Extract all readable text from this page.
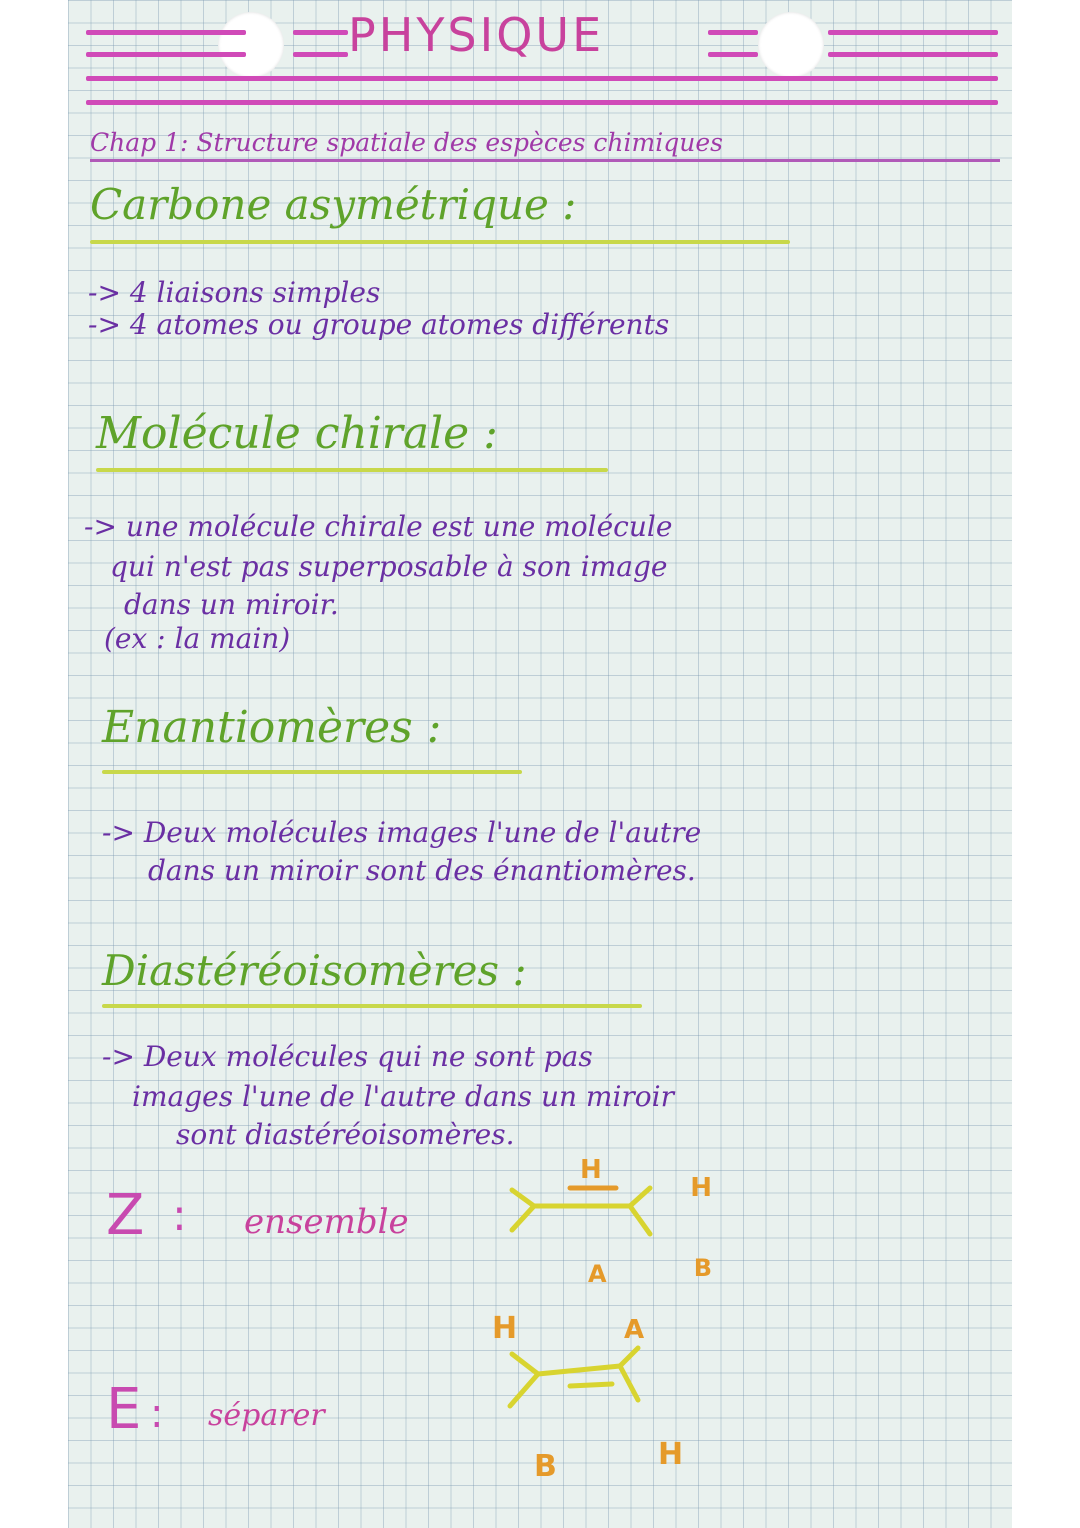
PHYSIQUE
Chap 1: Structure spatiale des espèces chimiques
Carbone asymétrique :
-> 4 liaisons simples
-> 4 atomes ou groupe atomes différents
Molécule chirale :
-> une molécule chirale est une molécule
qui n'est pas superposable à son image
dans un miroir.
(ex : la main)
Enantiomères :
-> Deux molécules images l'une de l'autre
dans un miroir sont des énantiomères.
Diastéréoisomères :
-> Deux molécules qui ne sont pas
images l'une de l'autre dans un miroir
sont diastéréoisomères.
Z : ensemble
H
H
A	B
E : séparer
H	A
B	H
